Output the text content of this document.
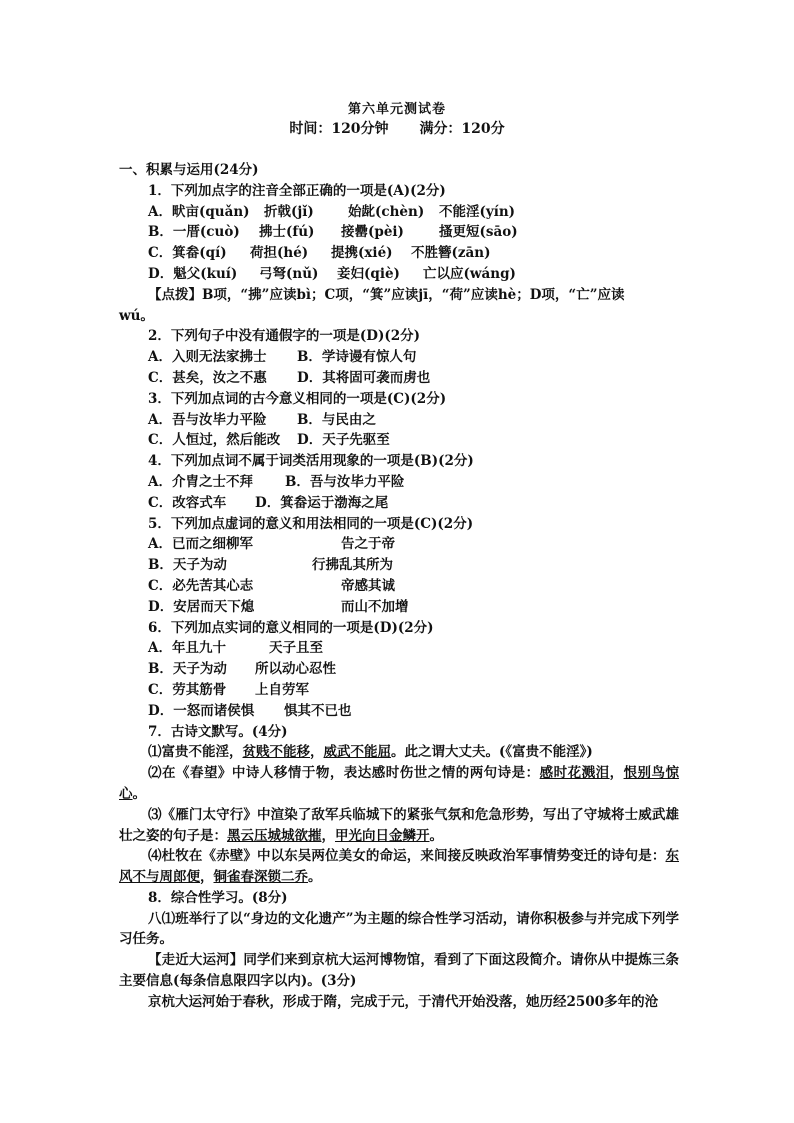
第六单元测试卷
时间：120分钟 满分：120分
一、积累与运用(24分)
1．下列加点字的注音全部正确的一项是(A)(2分)
A．畎亩(quǎn) 折戟(jǐ)	始龀(chèn) 不能淫(yín)
B．一厝(cuò) 拂士(fú) 接罍(pèi)	搔更短(sāo)
C．箕畚(qí) 荷担(hé) 提携(xié) 不胜簪(zān)
D．魁父(kuí) 弓弩(nǔ) 妾妇(qiè) 亡以应(wáng)
【点拨】B项，“拂”应读bì；C项，“箕”应读jī，“荷”应读hè；D项，“亡”应读
wú。
2．下列句子中没有通假字的一项是(D)(2分)
A．入则无法家拂士 B．学诗谩有惊人句
C．甚矣，汝之不惠 D．其将固可袭而虏也
3．下列加点词的古今意义相同的一项是(C)(2分)
A．吾与汝毕力平险 B．与民由之
C．人恒过，然后能改 D．天子先驱至
4．下列加点词不属于词类活用现象的一项是(B)(2分)
A．介胄之士不拜 B．吾与汝毕力平险
C．改容式车 D．箕畚运于渤海之尾
5．下列加点虚词的意义和用法相同的一项是(C)(2分)
A．已而之细柳军	告之于帝
B．天子为动	行拂乱其所为
C．必先苦其心志	帝感其诚
D．安居而天下熄	而山不加增
6．下列加点实词的意义相同的一项是(D)(2分)
A．年且九十	天子且至
B．天子为动 所以动心忍性
C．劳其筋骨 上自劳军
D．一怒而诸侯惧 惧其不已也
7．古诗文默写。(4分)
⑴富贵不能淫，贫贱不能移，威武不能屈。此之谓大丈夫。(《富贵不能淫》)
⑵在《春望》中诗人移情于物，表达感时伤世之情的两句诗是：感时花溅泪，恨别鸟惊心。
⑶《雁门太守行》中渲染了敌军兵临城下的紧张气氛和危急形势，写出了守城将士威武雄壮之姿的句子是：黑云压城城欲摧，甲光向日金鳞开。
⑷杜牧在《赤壁》中以东吴两位美女的命运，来间接反映政治军事情势变迁的诗句是：东风不与周郎便，铜雀春深锁二乔。
8．综合性学习。(8分)
八⑴班举行了以“身边的文化遗产”为主题的综合性学习活动，请你积极参与并完成下列学习任务。
【走近大运河】同学们来到京杭大运河博物馆，看到了下面这段简介。请你从中提炼三条主要信息(每条信息限四字以内)。(3分)
京杭大运河始于春秋，形成于隋，完成于元，于清代开始没落，她历经2500多年的沧
